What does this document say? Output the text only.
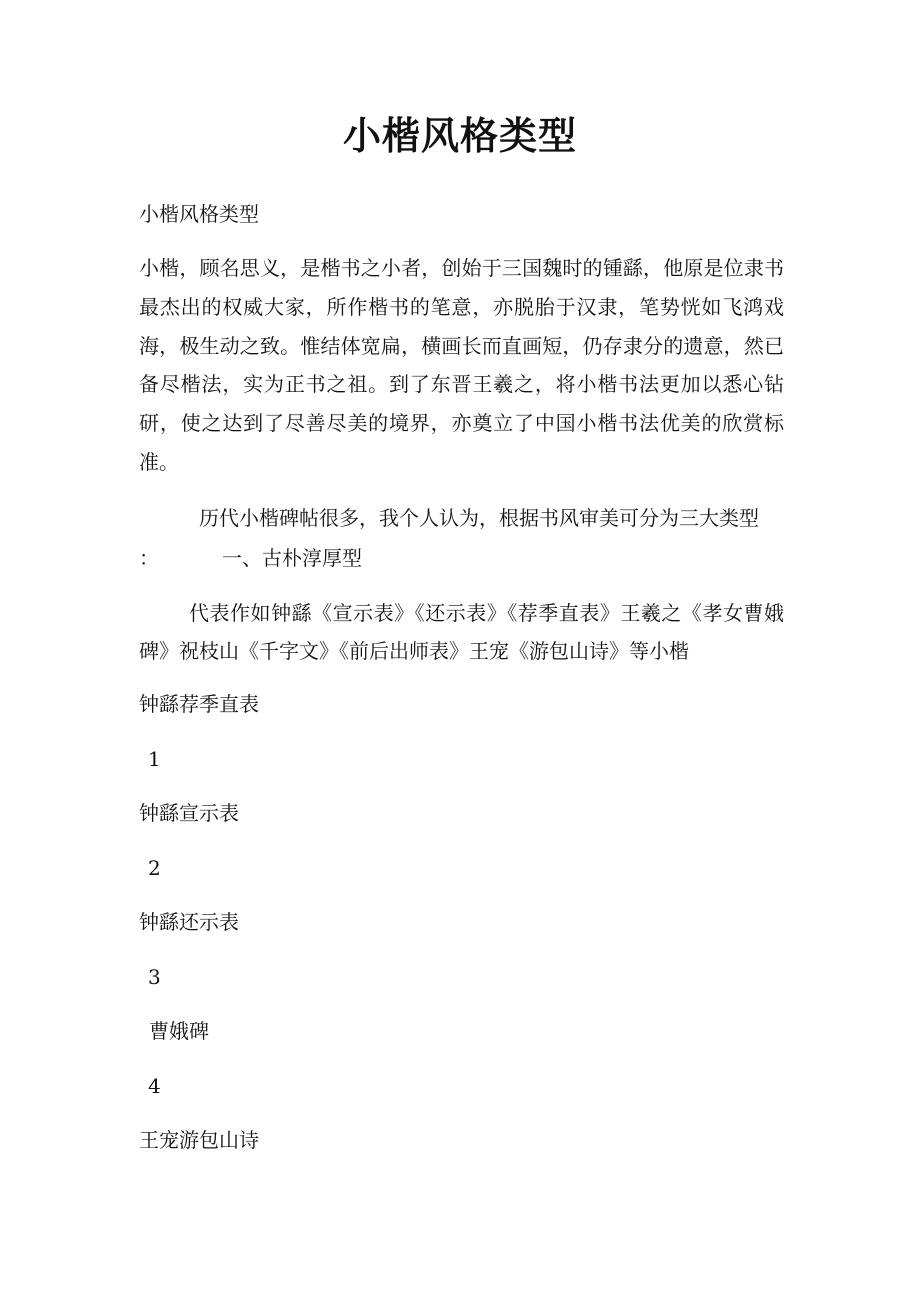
小楷风格类型
小楷风格类型
小楷，顾名思义，是楷书之小者，创始于三国魏时的锺繇，他原是位隶书最杰出的权威大家，所作楷书的笔意，亦脱胎于汉隶，笔势恍如飞鸿戏海，极生动之致。惟结体宽扁，横画长而直画短，仍存隶分的遗意，然已备尽楷法，实为正书之祖。到了东晋王羲之，将小楷书法更加以悉心钻研，使之达到了尽善尽美的境界，亦奠立了中国小楷书法优美的欣赏标准。
历代小楷碑帖很多，我个人认为，根据书风审美可分为三大类型
：	一、古朴淳厚型
代表作如钟繇《宣示表》《还示表》《荐季直表》王羲之《孝女曹娥碑》祝枝山《千字文》《前后出师表》王宠《游包山诗》等小楷
钟繇荐季直表
1
钟繇宣示表
2
钟繇还示表
3
曹娥碑
4
王宠游包山诗
